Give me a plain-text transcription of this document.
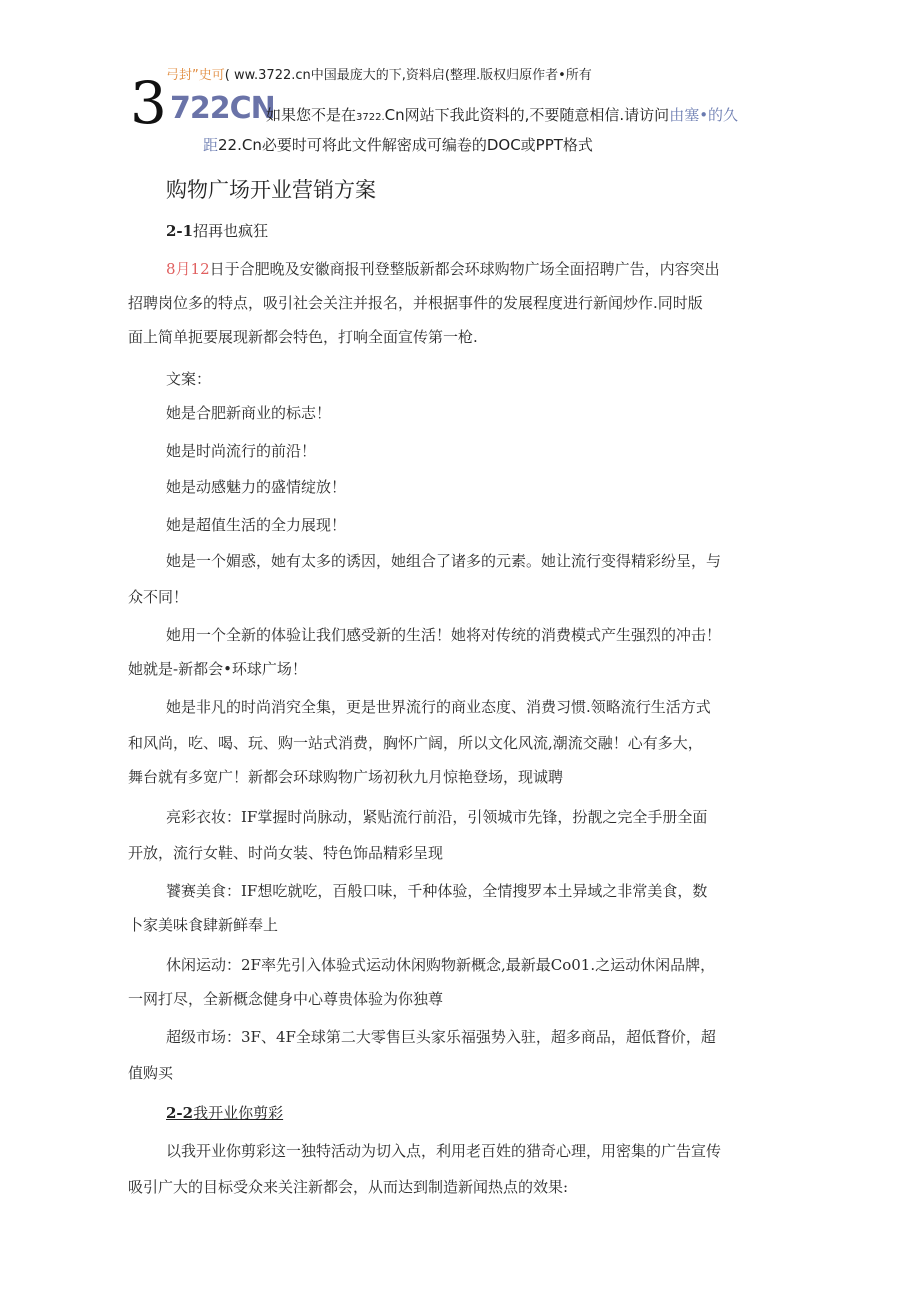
弓封”史可( ww.3722.cn中国最庞大的下,资料启(整理.版权归原作者•所有
3 722CN
如果您不是在3722.Cn网站下我此资料的,不要随意相信.请访问由塞•的久
距22.Cn必要时可将此文件解密成可编卷的DOC或PPT格式
购物广场开业营销方案
2-1招再也疯狂
8月12日于合肥晚及安徽商报刊登整版新都会环球购物广场全面招聘广告，内容突出
招聘岗位多的特点，吸引社会关注并报名，并根据事件的发展程度进行新闻炒作.同时版
面上简单扼要展现新都会特色，打响全面宣传第一枪.
文案：
她是合肥新商业的标志！
她是时尚流行的前沿！
她是动感魅力的盛情绽放！
她是超值生活的全力展现！
她是一个媚惑，她有太多的诱因，她组合了诸多的元素。她让流行变得精彩纷呈，与
众不同！
她用一个全新的体验让我们感受新的生活！她将对传统的消费模式产生强烈的冲击！
她就是-新都会•环球广场！
她是非凡的时尚消究全集，更是世界流行的商业态度、消费习惯.领略流行生活方式
和风尚，吃、喝、玩、购一站式消费，胸怀广阔，所以文化风流,潮流交融！心有多大，
舞台就有多宽广！新都会环球购物广场初秋九月惊艳登场，现诚聘
亮彩衣妆：IF掌握时尚脉动，紧贴流行前沿，引领城市先锋，扮靓之完全手册全面
开放，流行女鞋、时尚女装、特色饰品精彩呈现
饕赛美食：IF想吃就吃，百般口味，千种体验，全情搜罗本土异域之非常美食，数
卜家美味食肆新鲜奉上
休闲运动：2F率先引入体验式运动休闲购物新概念,最新最Co01.之运动休闲品牌，
一网打尽，全新概念健身中心尊贵体验为你独尊
超级市场：3F、4F全球第二大零售巨头家乐福强势入驻，超多商品，超低瞀价，超
值购买
2-2我开业你剪彩
以我开业你剪彩这一独特活动为切入点，利用老百姓的猎奇心理，用密集的广告宣传
吸引广大的目标受众来关注新都会，从而达到制造新闻热点的效果:
